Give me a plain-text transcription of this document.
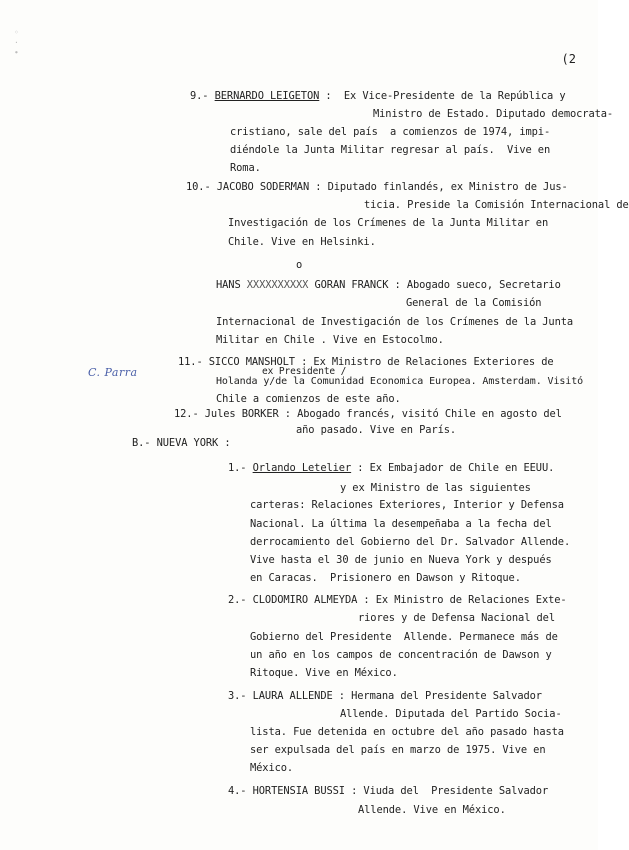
◦
·
∙	(2
9.- BERNARDO LEIGETON :  Ex Vice-Presidente de la República y
Ministro de Estado. Diputado democrata-
cristiano, sale del país  a comienzos de 1974, impi-
diéndole la Junta Militar regresar al país.  Vive en
Roma.
10.- JACOBO SODERMAN : Diputado finlandés, ex Ministro de Jus-
ticia. Preside la Comisión Internacional de
Investigación de los Crímenes de la Junta Militar en
Chile. Vive en Helsinki.
o
HANS XXXXXXXXXX GORAN FRANCK : Abogado sueco, Secretario
General de la Comisión
Internacional de Investigación de los Crímenes de la Junta
Militar en Chile . Vive en Estocolmo.
C. Parra
11.- SICCO MANSHOLT : Ex Ministro de Relaciones Exteriores de
ex Presidente /
Holanda y/de la Comunidad Economica Europea. Amsterdam. Visitó
Chile a comienzos de este año.
12.- Jules BORKER : Abogado francés, visitó Chile en agosto del
año pasado. Vive en París.
B.- NUEVA YORK :
1.- Orlando Letelier : Ex Embajador de Chile en EEUU.
y ex Ministro de las siguientes
carteras: Relaciones Exteriores, Interior y Defensa
Nacional. La última la desempeñaba a la fecha del
derrocamiento del Gobierno del Dr. Salvador Allende.
Vive hasta el 30 de junio en Nueva York y después
en Caracas.  Prisionero en Dawson y Ritoque.
2.- CLODOMIRO ALMEYDA : Ex Ministro de Relaciones Exte-
riores y de Defensa Nacional del
Gobierno del Presidente  Allende. Permanece más de
un año en los campos de concentración de Dawson y
Ritoque. Vive en México.
3.- LAURA ALLENDE : Hermana del Presidente Salvador
Allende. Diputada del Partido Socia-
lista. Fue detenida en octubre del año pasado hasta
ser expulsada del país en marzo de 1975. Vive en
México.
4.- HORTENSIA BUSSI : Viuda del  Presidente Salvador
Allende. Vive en México.
